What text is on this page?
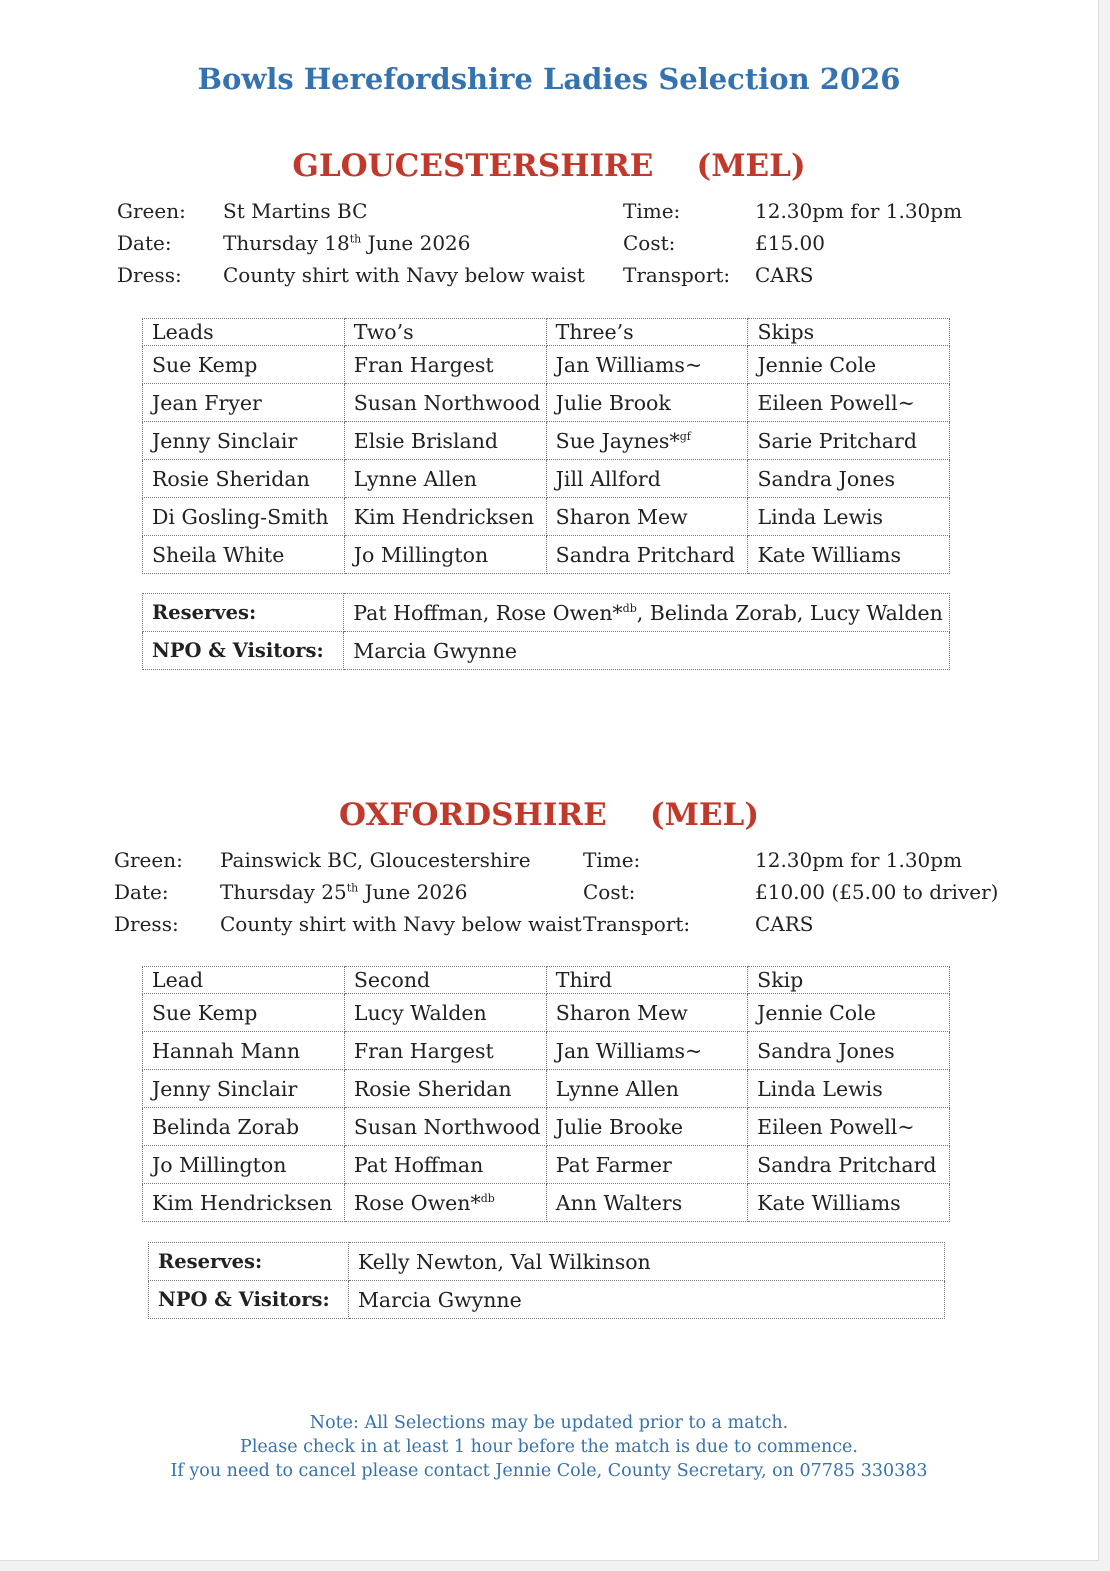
Bowls Herefordshire Ladies Selection 2026
GLOUCESTERSHIRE    (MEL)
Green: St Martins BC	Time:	12.30pm for 1.30pm
Date:	Thursday 18th June 2026	Cost:	£15.00
Dress: County shirt with Navy below waist Transport: CARS
Leads	Two’s	Three’s	Skips
Sue Kemp	Fran Hargest	Jan Williams~	Jennie Cole
Jean Fryer	Susan Northwood	Julie Brook	Eileen Powell~
Jenny Sinclair	Elsie Brisland	Sue Jaynes*$^{gf}$	Sarie Pritchard
Rosie Sheridan	Lynne Allen	Jill Allford	Sandra Jones
Di Gosling-Smith	Kim Hendricksen	Sharon Mew	Linda Lewis
Sheila White	Jo Millington	Sandra Pritchard	Kate Williams
Reserves:	Pat Hoffman, Rose Owen*$^{db}$, Belinda Zorab, Lucy Walden
NPO & Visitors:	Marcia Gwynne
OXFORDSHIRE    (MEL)
Green: Painswick BC, Gloucestershire	Time:	12.30pm for 1.30pm
Date:	Thursday 25th June 2026	Cost:	£10.00 (£5.00 to driver)
Dress: County shirt with Navy below waist Transport:	CARS
Lead	Second	Third	Skip
Sue Kemp	Lucy Walden	Sharon Mew	Jennie Cole
Hannah Mann	Fran Hargest	Jan Williams~	Sandra Jones
Jenny Sinclair	Rosie Sheridan	Lynne Allen	Linda Lewis
Belinda Zorab	Susan Northwood	Julie Brooke	Eileen Powell~
Jo Millington	Pat Hoffman	Pat Farmer	Sandra Pritchard
Kim Hendricksen	Rose Owen*$^{db}$	Ann Walters	Kate Williams
Reserves:	Kelly Newton, Val Wilkinson
NPO & Visitors:	Marcia Gwynne
Note: All Selections may be updated prior to a match.
Please check in at least 1 hour before the match is due to commence.
If you need to cancel please contact Jennie Cole, County Secretary, on 07785 330383
